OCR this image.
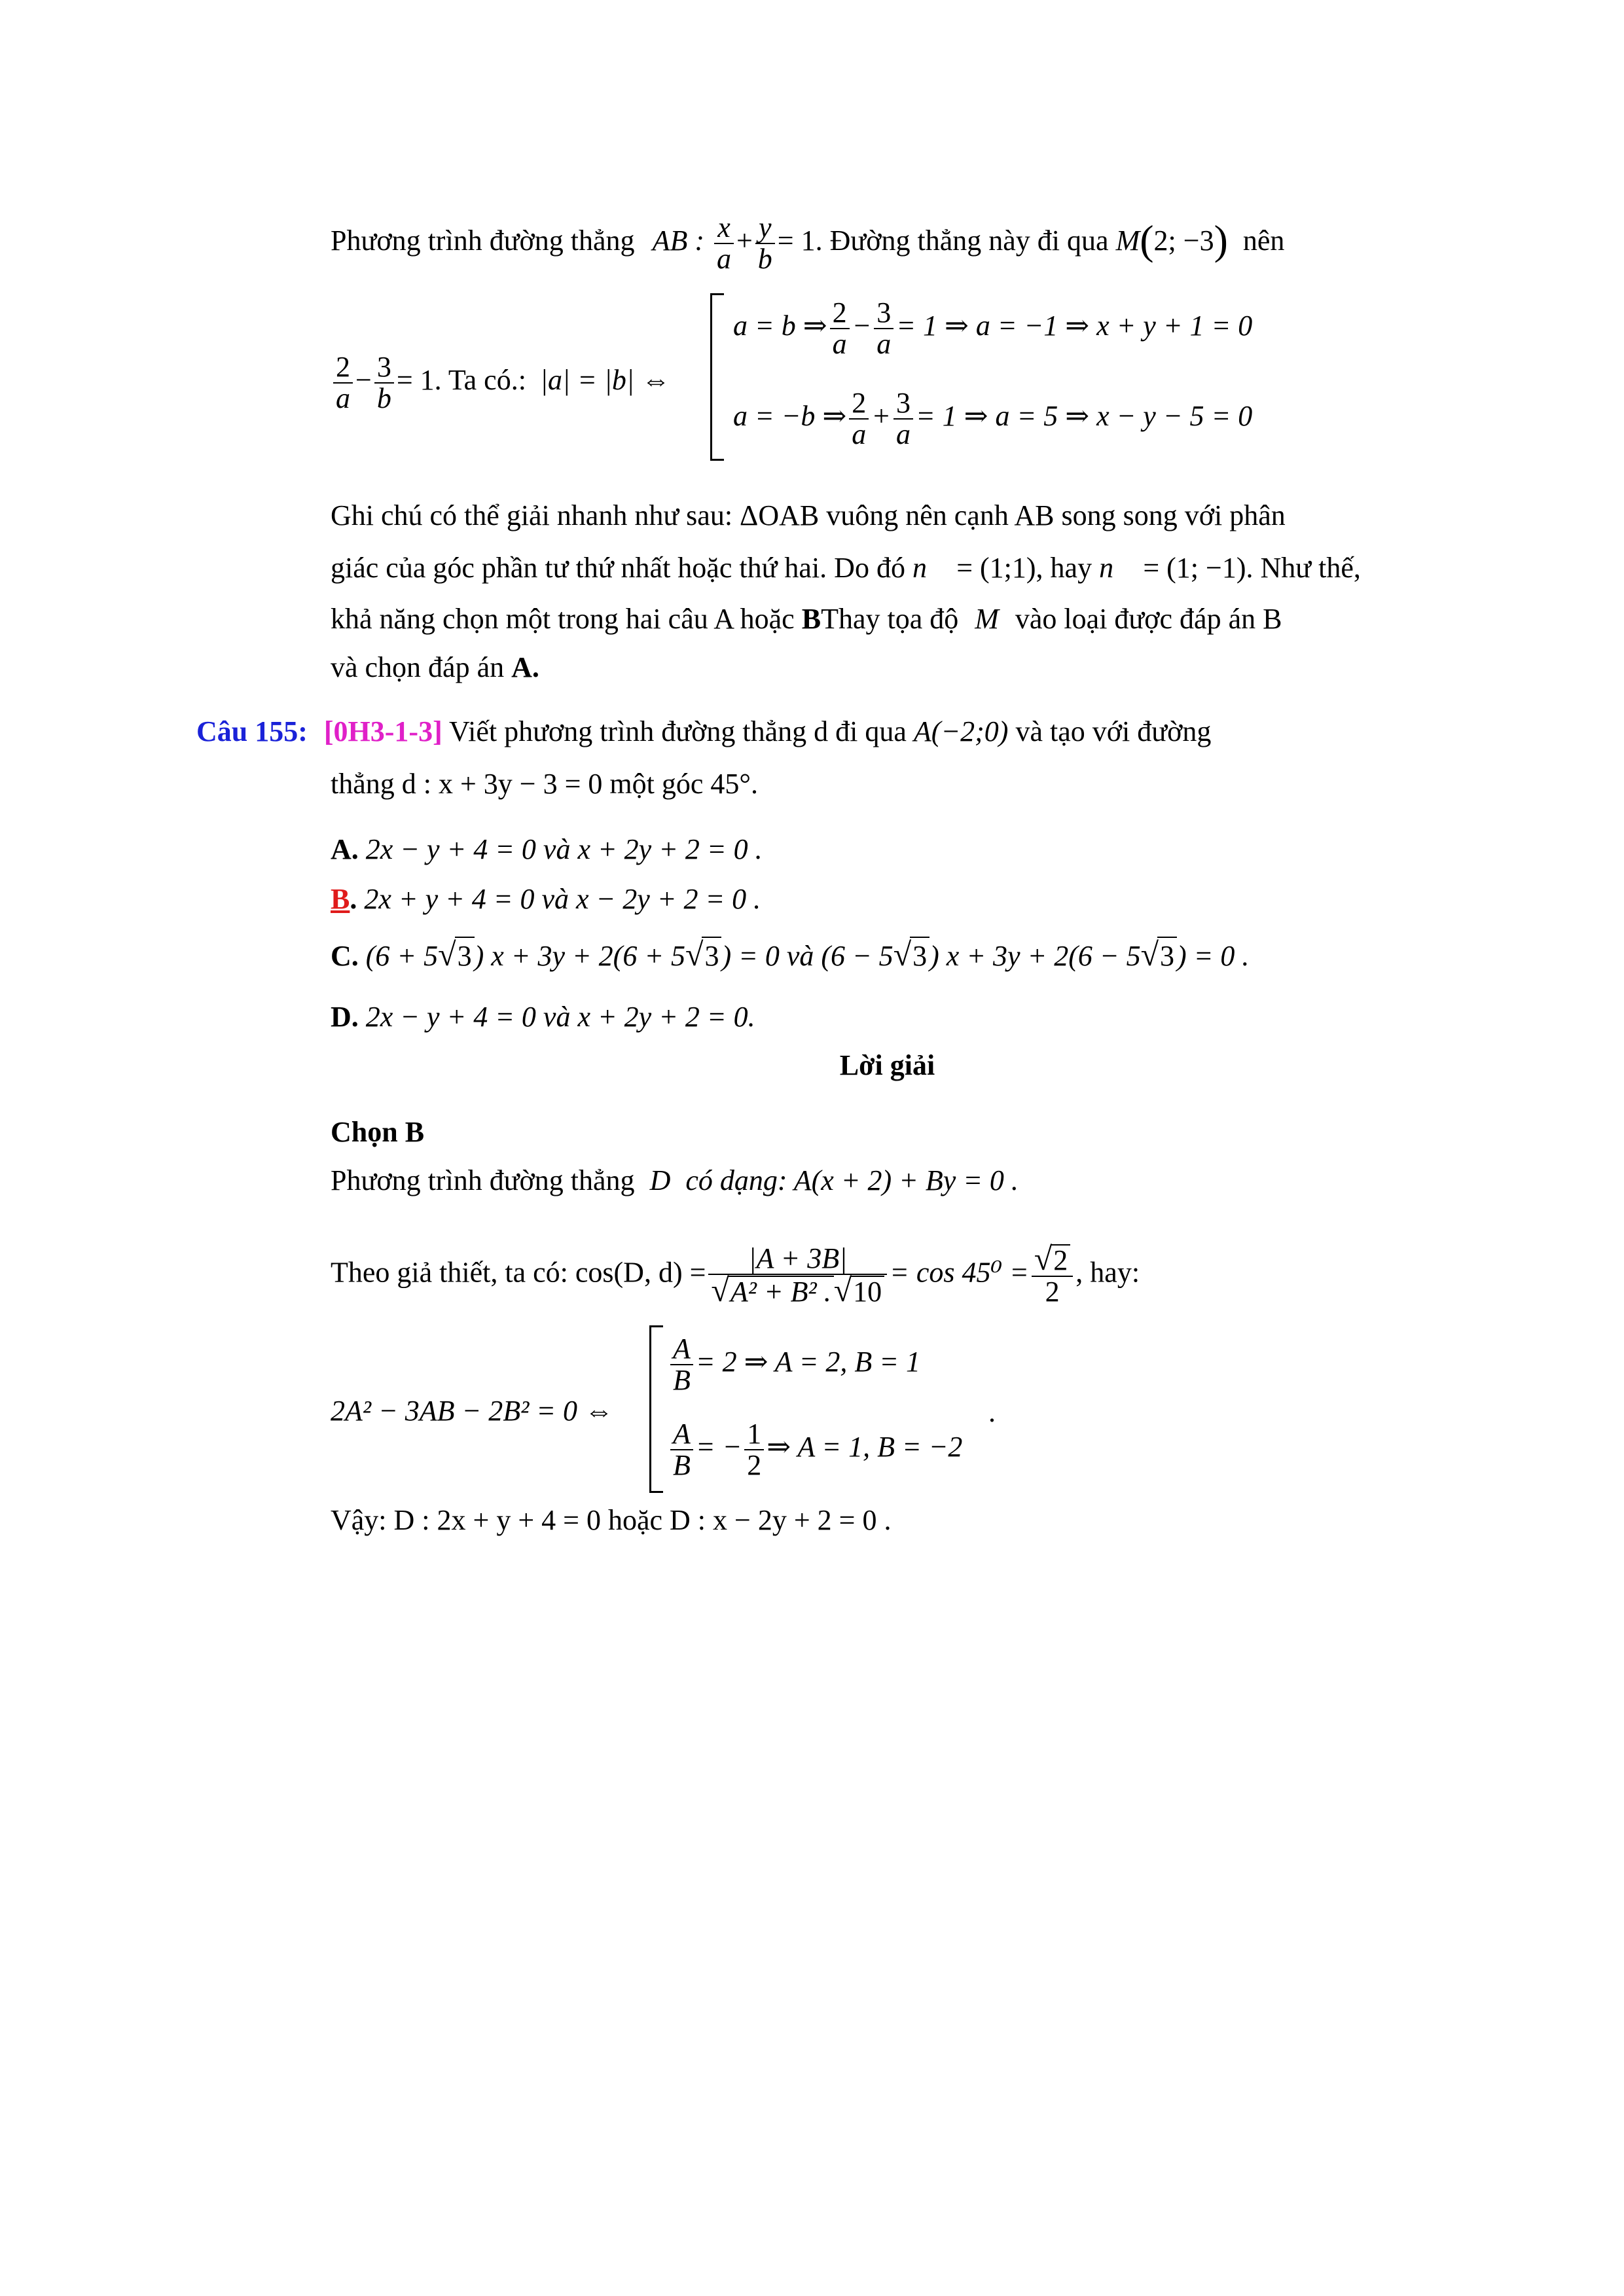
Phương trình đường thẳng AB : $\frac{x}{a} + \frac{y}{b} = 1$. Đường thẳng này đi qua M(2; −3) nên
$\frac{2}{a} - \frac{3}{b} = 1$. Ta có.: |a| = |b| ⇔
a = b ⇒ $\frac{2}{a} - \frac{3}{a} = 1$ ⇒ a = −1 ⇒ x + y + 1 = 0
a = −b ⇒ $\frac{2}{a} + \frac{3}{a} = 1$ ⇒ a = 5 ⇒ x − y − 5 = 0
Ghi chú có thể giải nhanh như sau: ΔOAB vuông nên cạnh AB song song với phân
giác của góc phần tư thứ nhất hoặc thứ hai. Do đó n⃗ = (1;1), hay n⃗ = (1; −1). Như thế,
khả năng chọn một trong hai câu A hoặc BThay tọa độ M vào loại được đáp án B
và chọn đáp án A.
Câu 155: [0H3-1-3] Viết phương trình đường thẳng d đi qua A(−2;0) và tạo với đường
thẳng d : x + 3y − 3 = 0 một góc 45°.
A. 2x − y + 4 = 0 và x + 2y + 2 = 0 .
B. 2x + y + 4 = 0 và x − 2y + 2 = 0 .
C. (6 + 5√3) x + 3y + 2(6 + 5√3) = 0 và (6 − 5√3) x + 3y + 2(6 − 5√3) = 0 .
D. 2x − y + 4 = 0 và x + 2y + 2 = 0.
Lời giải
Chọn B
Phương trình đường thẳng D có dạng: A(x + 2) + By = 0 .
Theo giả thiết, ta có: cos(D, $d) = \frac{|A + 3B|}{\text{√A² + B² .√10}} = \cos 45^0 = \frac{√2}{2}$ , hay:
2A² − 3AB − 2B² = 0 ⇔
$\frac{A}{B} = 2$ ⇒ A = 2, B = 1
$\frac{A}{B}$ = − $\frac{1}{2}$ ⇒ A = 1, B = −2
.
Vậy: D : 2x + y + 4 = 0 hoặc D : x − 2y + 2 = 0 .
